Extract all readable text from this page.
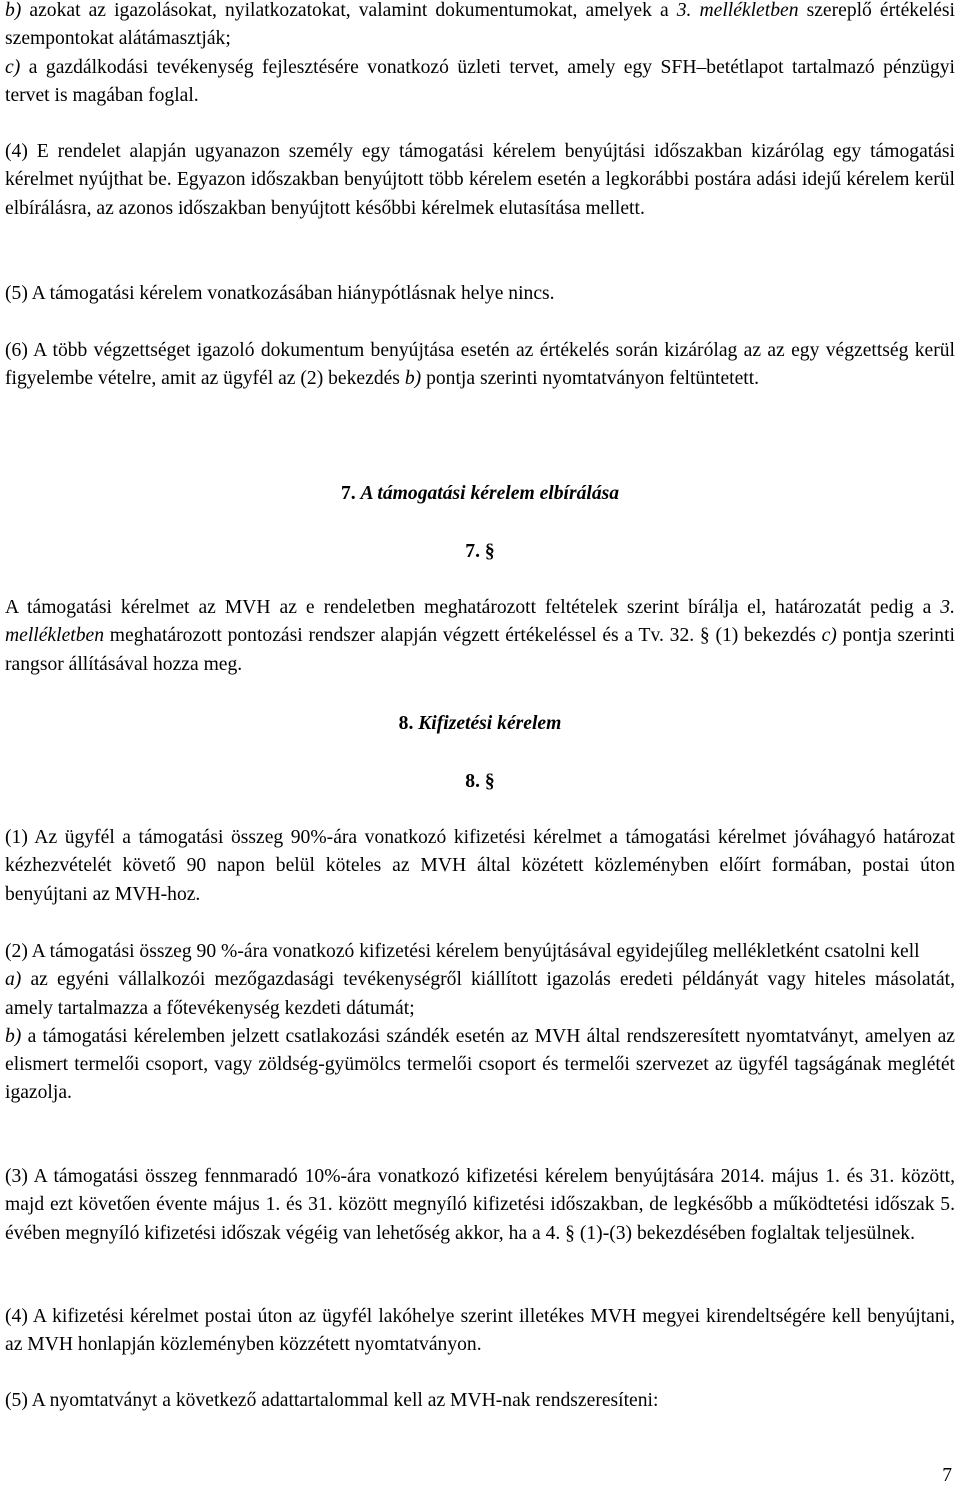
b) azokat az igazolásokat, nyilatkozatokat, valamint dokumentumokat, amelyek a 3. mellékletben szereplő értékelési szempontokat alátámasztják;

c) a gazdálkodási tevékenység fejlesztésére vonatkozó üzleti tervet, amely egy SFH–betétlapot tartalmazó pénzügyi tervet is magában foglal.

(4) E rendelet alapján ugyanazon személy egy támogatási kérelem benyújtási időszakban kizárólag egy támogatási kérelmet nyújthat be. Egyazon időszakban benyújtott több kérelem esetén a legkorábbi postára adási idejű kérelem kerül elbírálásra, az azonos időszakban benyújtott későbbi kérelmek elutasítása mellett.

(5) A támogatási kérelem vonatkozásában hiánypótlásnak helye nincs.

(6) A több végzettséget igazoló dokumentum benyújtása esetén az értékelés során kizárólag az az egy végzettség kerül figyelembe vételre, amit az ügyfél az (2) bekezdés b) pontja szerinti nyomtatványon feltüntetett.

7. A támogatási kérelem elbírálása
7. §

A támogatási kérelmet az MVH az e rendeletben meghatározott feltételek szerint bírálja el, határozatát pedig a 3. mellékletben meghatározott pontozási rendszer alapján végzett értékeléssel és a Tv. 32. § (1) bekezdés c) pontja szerinti rangsor állításával hozza meg.

8. Kifizetési kérelem
8. §

(1) Az ügyfél a támogatási összeg 90%-ára vonatkozó kifizetési kérelmet a támogatási kérelmet jóváhagyó határozat kézhezvételét követő 90 napon belül köteles az MVH által közétett közleményben előírt formában, postai úton benyújtani az MVH-hoz.

(2) A támogatási összeg 90 %-ára vonatkozó kifizetési kérelem benyújtásával egyidejűleg mellékletként csatolni kell

a) az egyéni vállalkozói mezőgazdasági tevékenységről kiállított igazolás eredeti példányát vagy hiteles másolatát, amely tartalmazza a főtevékenység kezdeti dátumát;

b) a támogatási kérelemben jelzett csatlakozási szándék esetén az MVH által rendszeresített nyomtatványt, amelyen az elismert termelői csoport, vagy zöldség-gyümölcs termelői csoport és termelői szervezet az ügyfél tagságának meglétét igazolja.

(3) A támogatási összeg fennmaradó 10%-ára vonatkozó kifizetési kérelem benyújtására 2014. május 1. és 31. között, majd ezt követően évente május 1. és 31. között megnyíló kifizetési időszakban, de legkésőbb a működtetési időszak 5. évében megnyíló kifizetési időszak végéig van lehetőség akkor, ha a 4. § (1)-(3) bekezdésében foglaltak teljesülnek.

(4) A kifizetési kérelmet postai úton az ügyfél lakóhelye szerint illetékes MVH megyei kirendeltségére kell benyújtani, az MVH honlapján közleményben közzétett nyomtatványon.

(5) A nyomtatványt a következő adattartalommal kell az MVH-nak rendszeresíteni:

7
